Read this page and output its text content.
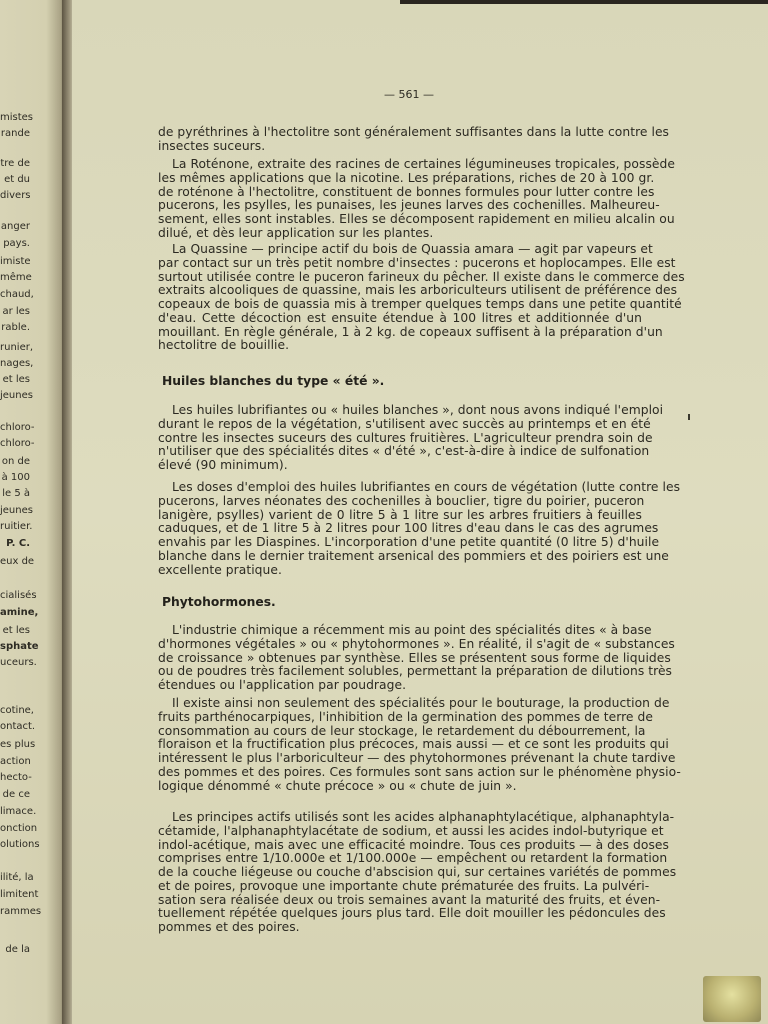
— 561 —
de pyréthrines à l'hectolitre sont généralement suffisantes dans la lutte contre les
insectes suceurs.
La Roténone, extraite des racines de certaines légumineuses tropicales, possède
les mêmes applications que la nicotine. Les préparations, riches de 20 à 100 gr.
de roténone à l'hectolitre, constituent de bonnes formules pour lutter contre les
pucerons, les psylles, les punaises, les jeunes larves des cochenilles. Malheureu-
sement, elles sont instables. Elles se décomposent rapidement en milieu alcalin ou
dilué, et dès leur application sur les plantes.
La Quassine — principe actif du bois de Quassia amara — agit par vapeurs et
par contact sur un très petit nombre d'insectes : pucerons et hoplocampes. Elle est
surtout utilisée contre le puceron farineux du pêcher. Il existe dans le commerce des
extraits alcooliques de quassine, mais les arboriculteurs utilisent de préférence des
copeaux de bois de quassia mis à tremper quelques temps dans une petite quantité
d'eau. Cette décoction est ensuite étendue à 100 litres et additionnée d'un
mouillant. En règle générale, 1 à 2 kg. de copeaux suffisent à la préparation d'un
hectolitre de bouillie.
Huiles blanches du type « été ».
Les huiles lubrifiantes ou « huiles blanches », dont nous avons indiqué l'emploi
durant le repos de la végétation, s'utilisent avec succès au printemps et en été
contre les insectes suceurs des cultures fruitières. L'agriculteur prendra soin de
n'utiliser que des spécialités dites « d'été », c'est-à-dire à indice de sulfonation
élevé (90 minimum).
Les doses d'emploi des huiles lubrifiantes en cours de végétation (lutte contre les
pucerons, larves néonates des cochenilles à bouclier, tigre du poirier, puceron
lanigère, psylles) varient de 0 litre 5 à 1 litre sur les arbres fruitiers à feuilles
caduques, et de 1 litre 5 à 2 litres pour 100 litres d'eau dans le cas des agrumes
envahis par les Diaspines. L'incorporation d'une petite quantité (0 litre 5) d'huile
blanche dans le dernier traitement arsenical des pommiers et des poiriers est une
excellente pratique.
Phytohormones.
L'industrie chimique a récemment mis au point des spécialités dites « à base
d'hormones végétales » ou « phytohormones ». En réalité, il s'agit de « substances
de croissance » obtenues par synthèse. Elles se présentent sous forme de liquides
ou de poudres très facilement solubles, permettant la préparation de dilutions très
étendues ou l'application par poudrage.
Il existe ainsi non seulement des spécialités pour le bouturage, la production de
fruits parthénocarpiques, l'inhibition de la germination des pommes de terre de
consommation au cours de leur stockage, le retardement du débourrement, la
floraison et la fructification plus précoces, mais aussi — et ce sont les produits qui
intéressent le plus l'arboriculteur — des phytohormones prévenant la chute tardive
des pommes et des poires. Ces formules sont sans action sur le phénomène physio-
logique dénommé « chute précoce » ou « chute de juin ».
Les principes actifs utilisés sont les acides alphanaphtylacétique, alphanaphtyla-
cétamide, l'alphanaphtylacétate de sodium, et aussi les acides indol-butyrique et
indol-acétique, mais avec une efficacité moindre. Tous ces produits — à des doses
comprises entre 1/10.000e et 1/100.000e — empêchent ou retardent la formation
de la couche liégeuse ou couche d'abscision qui, sur certaines variétés de pommes
et de poires, provoque une importante chute prématurée des fruits. La pulvéri-
sation sera réalisée deux ou trois semaines avant la maturité des fruits, et éven-
tuellement répétée quelques jours plus tard. Elle doit mouiller les pédoncules des
pommes et des poires.
mistes
rande
tre de
et du
divers
anger
pays.
imiste
même
chaud,
ar les
rable.
runier,
nages,
et les
jeunes
chloro-
chloro-
on de
à 100
le 5 à
jeunes
ruitier.
P. C.
eux de
cialisés
amine,
et les
sphate
uceurs.
cotine,
ontact.
es plus
action
hecto-
de ce
limace.
onction
olutions
ilité, la
limitent
rammes
de la
